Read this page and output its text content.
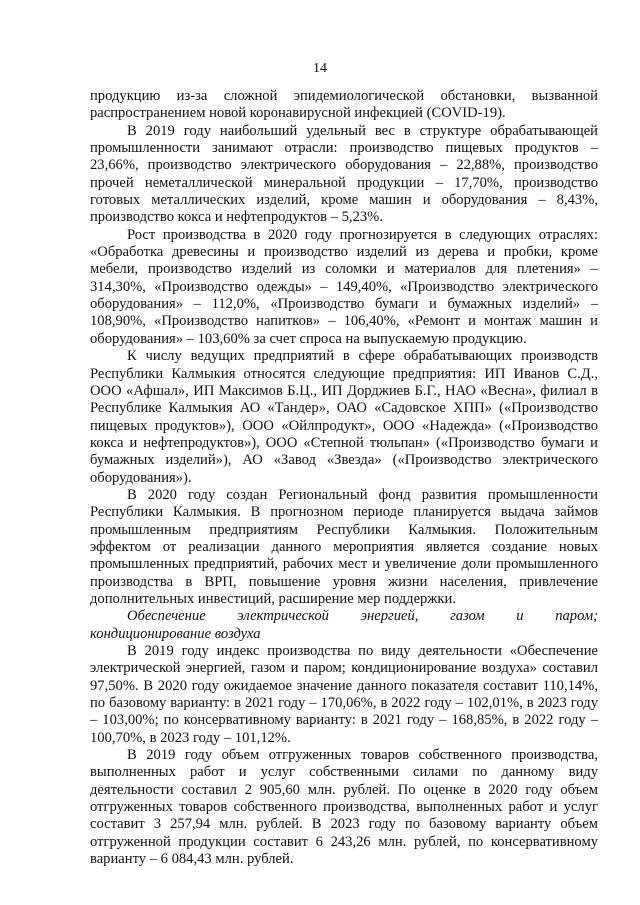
14

продукцию из-за сложной эпидемиологической обстановки, вызванной распространением новой коронавирусной инфекцией (COVID-19).

В 2019 году наибольший удельный вес в структуре обрабатывающей промышленности занимают отрасли: производство пищевых продуктов – 23,66%, производство электрического оборудования – 22,88%, производство прочей неметаллической минеральной продукции – 17,70%, производство готовых металлических изделий, кроме машин и оборудования – 8,43%, производство кокса и нефтепродуктов – 5,23%.

Рост производства в 2020 году прогнозируется в следующих отраслях: «Обработка древесины и производство изделий из дерева и пробки, кроме мебели, производство изделий из соломки и материалов для плетения» – 314,30%, «Производство одежды» – 149,40%, «Производство электрического оборудования» – 112,0%, «Производство бумаги и бумажных изделий» – 108,90%, «Производство напитков» – 106,40%, «Ремонт и монтаж машин и оборудования» – 103,60% за счет спроса на выпускаемую продукцию.

К числу ведущих предприятий в сфере обрабатывающих производств Республики Калмыкия относятся следующие предприятия: ИП Иванов С.Д., ООО «Афшал», ИП Максимов Б.Ц., ИП Дорджиев Б.Г., НАО «Весна», филиал в Республике Калмыкия АО «Тандер», ОАО «Садовское ХПП» («Производство пищевых продуктов»), ООО «Ойлпродукт», ООО «Надежда» («Производство кокса и нефтепродуктов»), ООО «Степной тюльпан» («Производство бумаги и бумажных изделий»), АО «Завод «Звезда» («Производство электрического оборудования»).

В 2020 году создан Региональный фонд развития промышленности Республики Калмыкия. В прогнозном периоде планируется выдача займов промышленным предприятиям Республики Калмыкия. Положительным эффектом от реализации данного мероприятия является создание новых промышленных предприятий, рабочих мест и увеличение доли промышленного производства в ВРП, повышение уровня жизни населения, привлечение дополнительных инвестиций, расширение мер поддержки.

Обеспечение электрической энергией, газом и паром;

кондиционирование воздуха

В 2019 году индекс производства по виду деятельности «Обеспечение электрической энергией, газом и паром; кондиционирование воздуха» составил 97,50%. В 2020 году ожидаемое значение данного показателя составит 110,14%, по базовому варианту: в 2021 году – 170,06%, в 2022 году – 102,01%, в 2023 году – 103,00%; по консервативному варианту: в 2021 году – 168,85%, в 2022 году – 100,70%, в 2023 году – 101,12%.

В 2019 году объем отгруженных товаров собственного производства, выполненных работ и услуг собственными силами по данному виду деятельности составил 2 905,60 млн. рублей. По оценке в 2020 году объем отгруженных товаров собственного производства, выполненных работ и услуг составит 3 257,94 млн. рублей. В 2023 году по базовому варианту объем отгруженной продукции составит 6 243,26 млн. рублей, по консервативному варианту – 6 084,43 млн. рублей.
